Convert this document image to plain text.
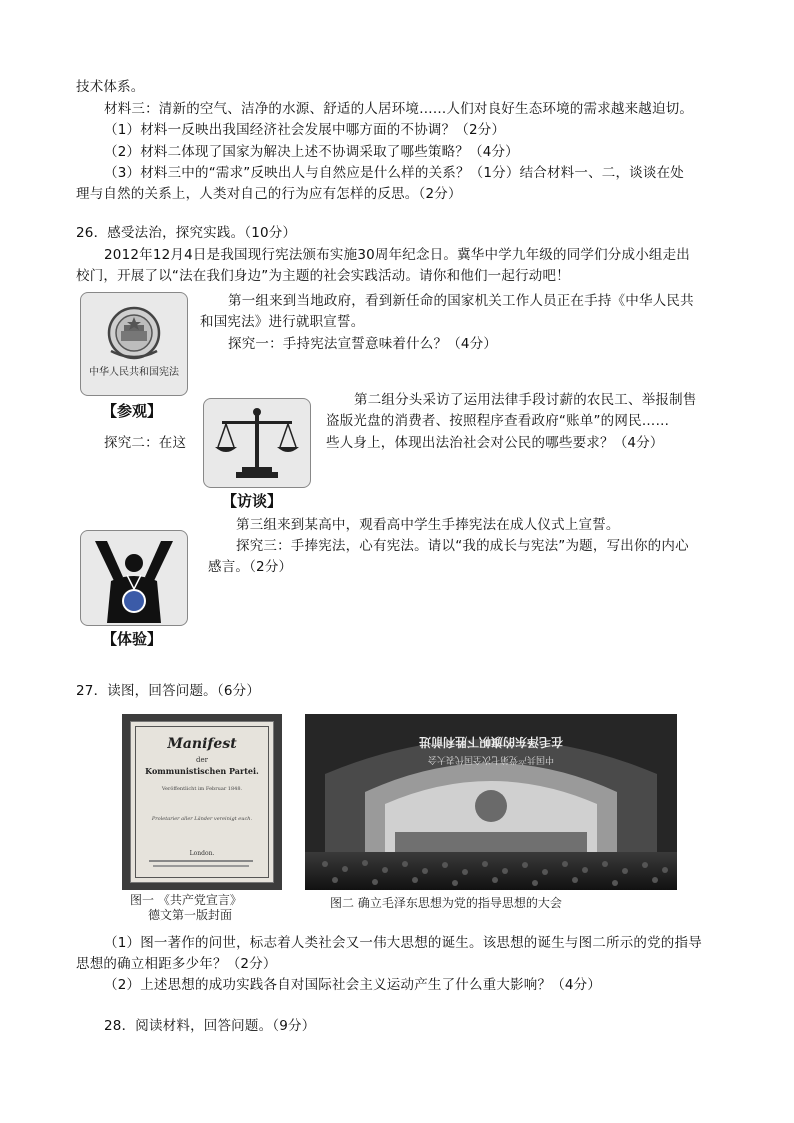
技术体系。
材料三：清新的空气、洁净的水源、舒适的人居环境……人们对良好生态环境的需求越来越迫切。
（1）材料一反映出我国经济社会发展中哪方面的不协调？（2分）
（2）材料二体现了国家为解决上述不协调采取了哪些策略？（4分）
（3）材料三中的“需求”反映出人与自然应是什么样的关系？（1分）结合材料一、二，谈谈在处
理与自然的关系上，人类对自己的行为应有怎样的反思。（2分）
26．感受法治，探究实践。（10分）
2012年12月4日是我国现行宪法颁布实施30周年纪念日。冀华中学九年级的同学们分成小组走出
校门，开展了以“法在我们身边”为主题的社会实践活动。请你和他们一起行动吧！
中华人民共和国宪法
【参观】
第一组来到当地政府，看到新任命的国家机关工作人员正在手持《中华人民共
和国宪法》进行就职宣誓。
探究一：手持宪法宣誓意味着什么？（4分）
【访谈】
第二组分头采访了运用法律手段讨薪的农民工、举报制售
盗版光盘的消费者、按照程序查看政府“账单”的网民……
探究二：在这	些人身上，体现出法治社会对公民的哪些要求？（4分）
【体验】
第三组来到某高中，观看高中学生手捧宪法在成人仪式上宣誓。
探究三：手捧宪法，心有宪法。请以“我的成长与宪法”为题，写出你的内心
感言。（2分）
27．读图，回答问题。（6分）
Manifest
der
Kommunistischen Partei.
Veröffentlicht im Februar 1848.
Proletarier aller Länder vereinigt euch.
London.
图一 《共产党宣言》
德文第一版封面
在毛泽东的旗帜下胜利前进
中国共产党第七次全国代表大会
图二 确立毛泽东思想为党的指导思想的大会
（1）图一著作的问世，标志着人类社会又一伟大思想的诞生。该思想的诞生与图二所示的党的指导
思想的确立相距多少年？（2分）
（2）上述思想的成功实践各自对国际社会主义运动产生了什么重大影响？（4分）
28．阅读材料，回答问题。（9分）
